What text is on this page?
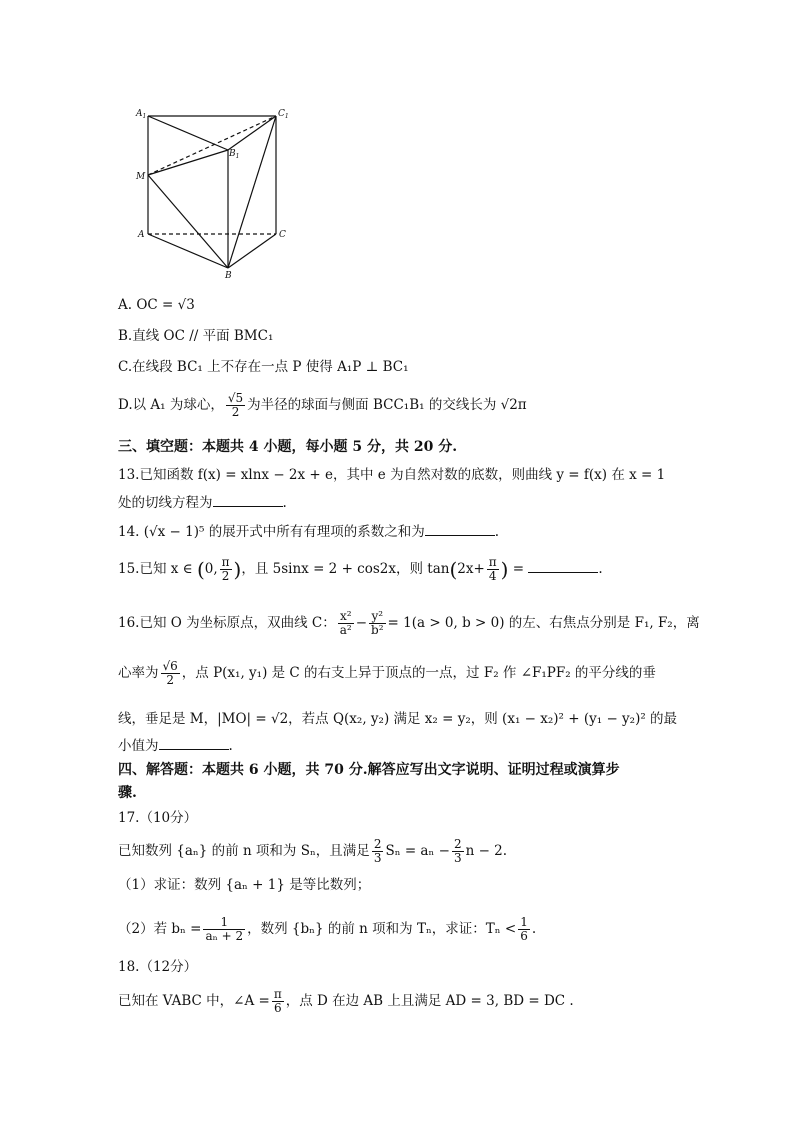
$A_1$	$C_1$
$B_1$
M
A	C
B
A. OC = √3
B.直线 OC // 平面 BMC₁
C.在线段 BC₁ 上不存在一点 P 使得 A₁P ⊥ BC₁
D.以 A₁ 为球心， $\frac{√5}{2}$ 为半径的球面与侧面 BCC₁B₁ 的交线长为 √2π
三、填空题：本题共 4 小题，每小题 5 分，共 20 分.
13.已知函数 f(x) = xlnx − 2x + e，其中 e 为自然对数的底数，则曲线 y = f(x) 在 x = 1
处的切线方程为	.
14. (√x − 1)⁵ 的展开式中所有有理项的系数之和为	.
15.已知 x ∈ (0, $\frac{\pi}{2}$ )，且 5sinx = 2 + cos2x，则 $\tan(2x+ \frac{\pi}{4}$ ) =	.
16.已知 O 为坐标原点，双曲线 C： $\frac{\text{x²}}{\text{a²}} - \frac{\text{y²}}{\text{b²}} = 1(a > 0$, b > 0) 的左、右焦点分别是 F₁, F₂，离
心率为 $\frac{√6}{2}$ ，点 P(x₁, y₁) 是 C 的右支上异于顶点的一点，过 F₂ 作 ∠F₁PF₂ 的平分线的垂
线，垂足是 M，|MO| = √2，若点 Q(x₂, y₂) 满足 x₂ = y₂，则 (x₁ − x₂)² + (y₁ − y₂)² 的最
小值为	.
四、解答题：本题共 6 小题，共 70 分.解答应写出文字说明、证明过程或演算步
骤.
17.（10分）
已知数列 {aₙ} 的前 n 项和为 Sₙ，且满足 $\frac{2}{3}$ $S_n = a_n - \frac{2}{3}$ n − 2.
（1）求证：数列 {aₙ + 1} 是等比数列；
（2）若 $b_n = \frac{1}{\text{aₙ + 2}}$ ，数列 {bₙ} 的前 n 项和为 Tₙ，求证：$T_n < \frac{1}{6}$ .
18.（12分）
已知在 VABC 中，∠A = $\frac{\pi}{6}$ ，点 D 在边 AB 上且满足 AD = 3, BD = DC .
